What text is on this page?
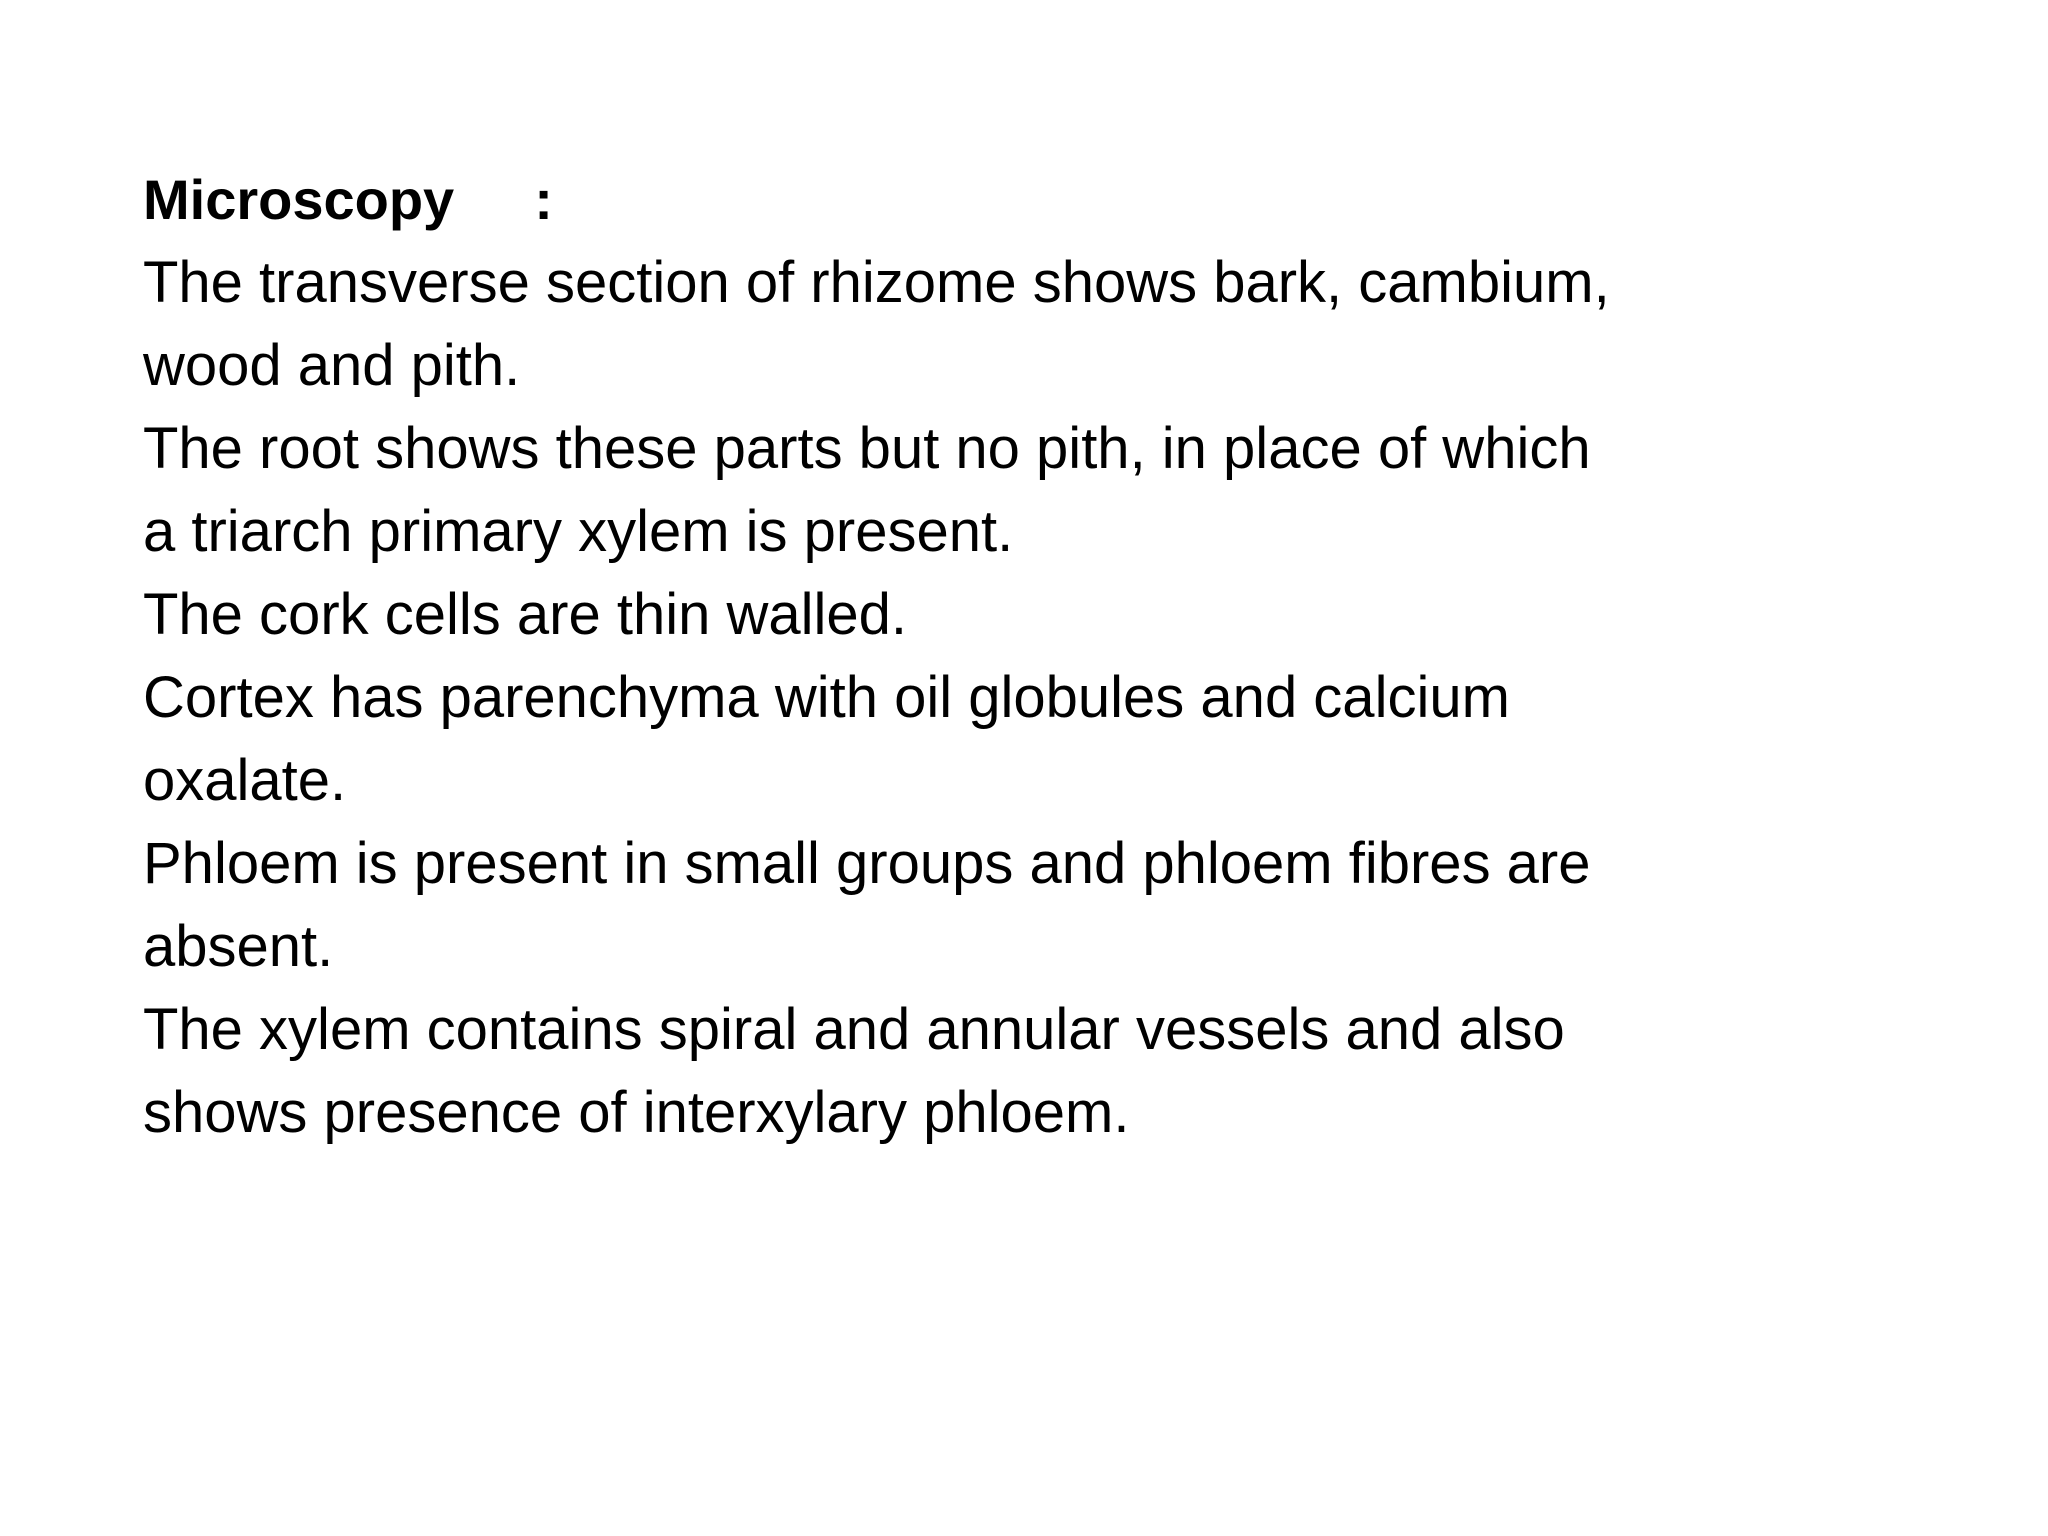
Microscopy :
The transverse section of rhizome shows bark, cambium,
wood and pith.
The root shows these parts but no pith, in place of which
a triarch primary xylem is present.
The cork cells are thin walled.
Cortex has parenchyma with oil globules and calcium
oxalate.
Phloem is present in small groups and phloem fibres are
absent.
The xylem contains spiral and annular vessels and also
shows presence of interxylary phloem.
